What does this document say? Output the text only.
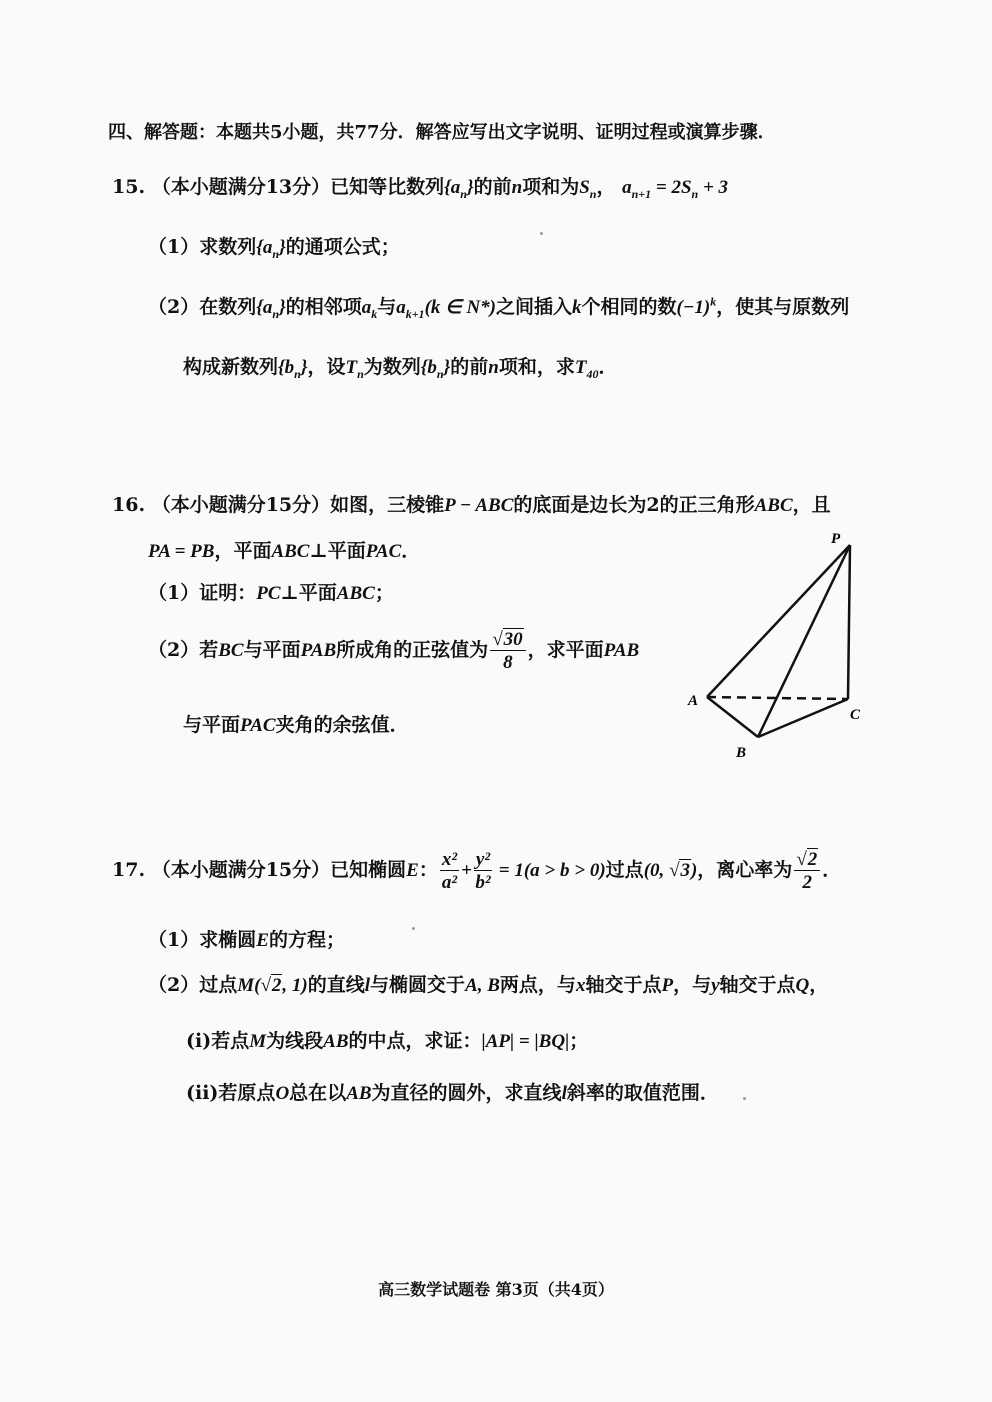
四、解答题：本题共5小题，共77分．解答应写出文字说明、证明过程或演算步骤．
15. （本小题满分13分）已知等比数列$\{a_n\}$的前n项和为$S_n$， $a_{n+1} = 2S_n + 3$
（1）求数列$\{a_n\}$的通项公式；
（2）在数列$\{a_n\}$的相邻项$a_k$与$a_{k+1}(k$ ∈ N*)之间插入k个相同的数$(-1)^k$，使其与原数列
构成新数列$\{b_n\}$，设$T_n$为数列$\{b_n\}$的前n项和，求$T_{40}$．
16. （本小题满分15分）如图，三棱锥P − ABC的底面是边长为2的正三角形ABC，且
PA = PB，平面ABC⊥平面PAC．
（1）证明：PC⊥平面ABC；
（2）若BC与平面PAB所成角的正弦值为 $\frac{√30}{8}$ ，求平面PAB
与平面PAC夹角的余弦值．
P
A
B
C
17. （本小题满分15分）已知椭圆E： $\frac{\text{x²}}{\text{a²}} + \frac{\text{y²}}{\text{b²}} = 1(a > b > 0)$过点(0, √3)，离心率为 $\frac{√2}{2}$ ．
（1）求椭圆E的方程；
（2）过点M(√2, 1)的直线l与椭圆交于A, B两点，与x轴交于点P，与y轴交于点Q，
(i)若点M为线段AB的中点，求证：|AP| = |BQ|；
(ii)若原点O总在以AB为直径的圆外，求直线l斜率的取值范围．
高三数学试题卷 第3页（共4页）
